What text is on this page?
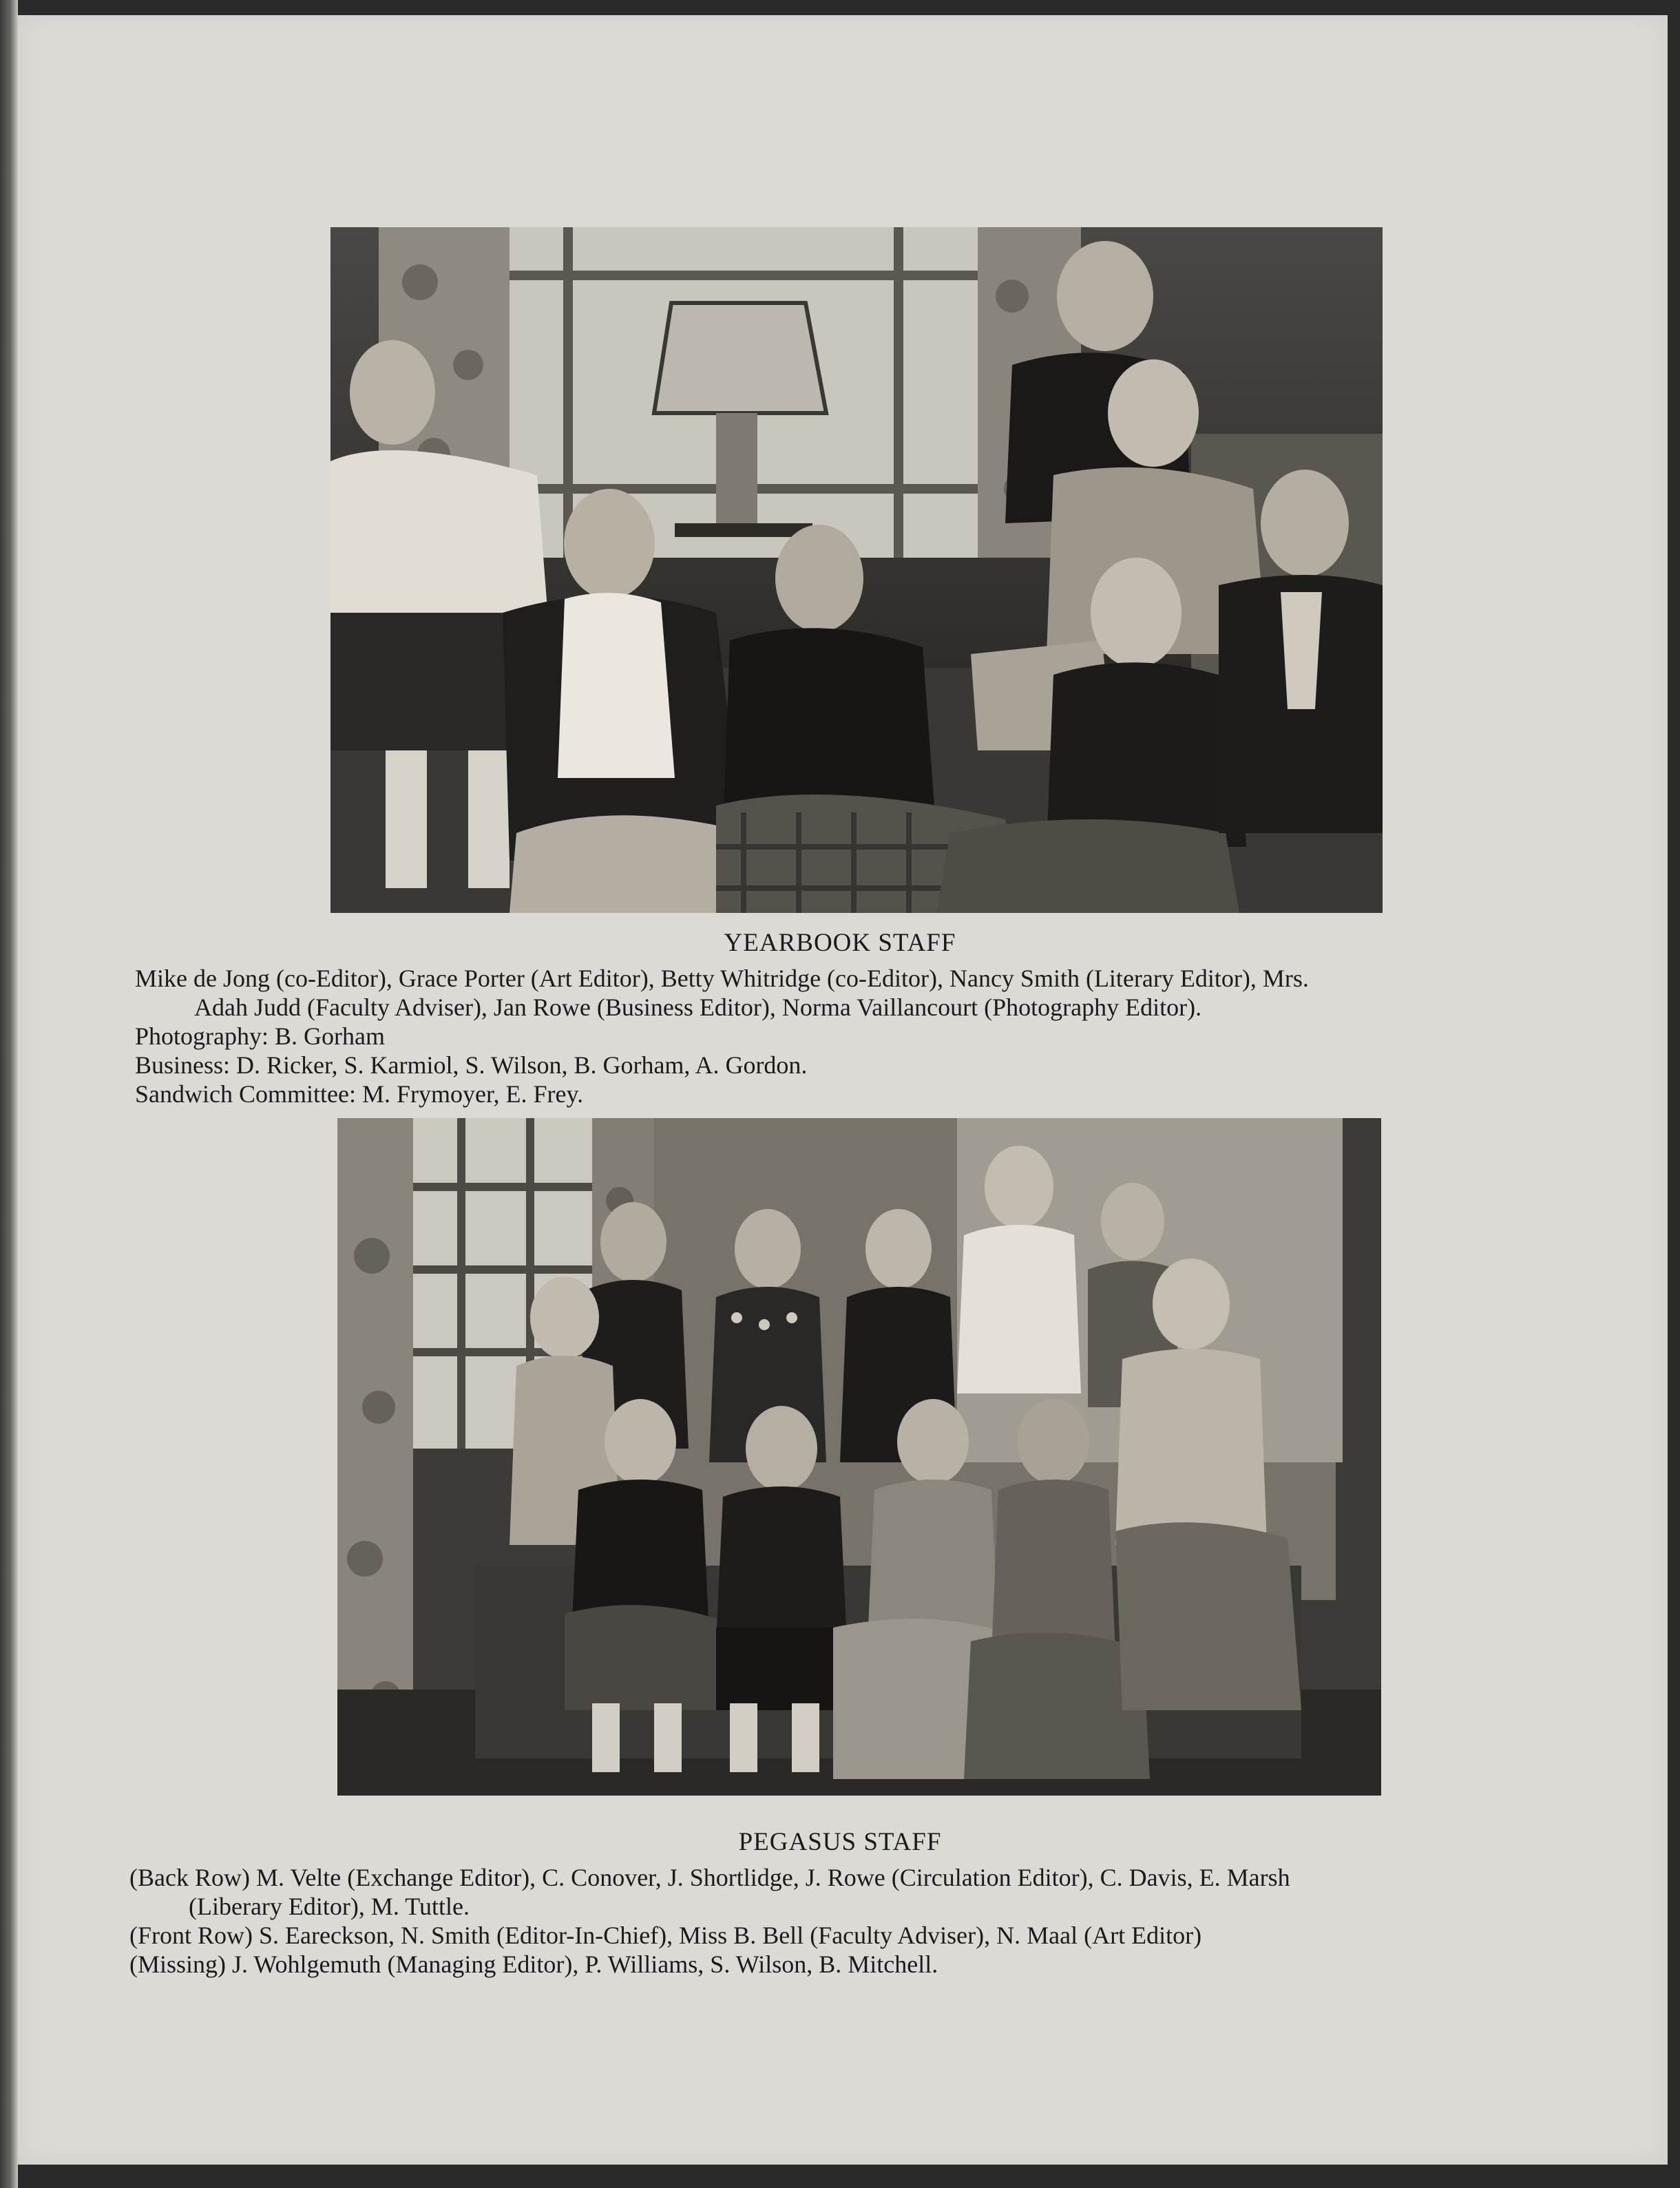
YEARBOOK STAFF

Mike de Jong (co-Editor), Grace Porter (Art Editor), Betty Whitridge (co-Editor), Nancy Smith (Literary Editor), Mrs.

Adah Judd (Faculty Adviser), Jan Rowe (Business Editor), Norma Vaillancourt (Photography Editor).

Photography: B. Gorham

Business: D. Ricker, S. Karmiol, S. Wilson, B. Gorham, A. Gordon.

Sandwich Committee: M. Frymoyer, E. Frey.

PEGASUS STAFF

(Back Row) M. Velte (Exchange Editor), C. Conover, J. Shortlidge, J. Rowe (Circulation Editor), C. Davis, E. Marsh

(Liberary Editor), M. Tuttle.

(Front Row) S. Eareckson, N. Smith (Editor-In-Chief), Miss B. Bell (Faculty Adviser), N. Maal (Art Editor)

(Missing) J. Wohlgemuth (Managing Editor), P. Williams, S. Wilson, B. Mitchell.
